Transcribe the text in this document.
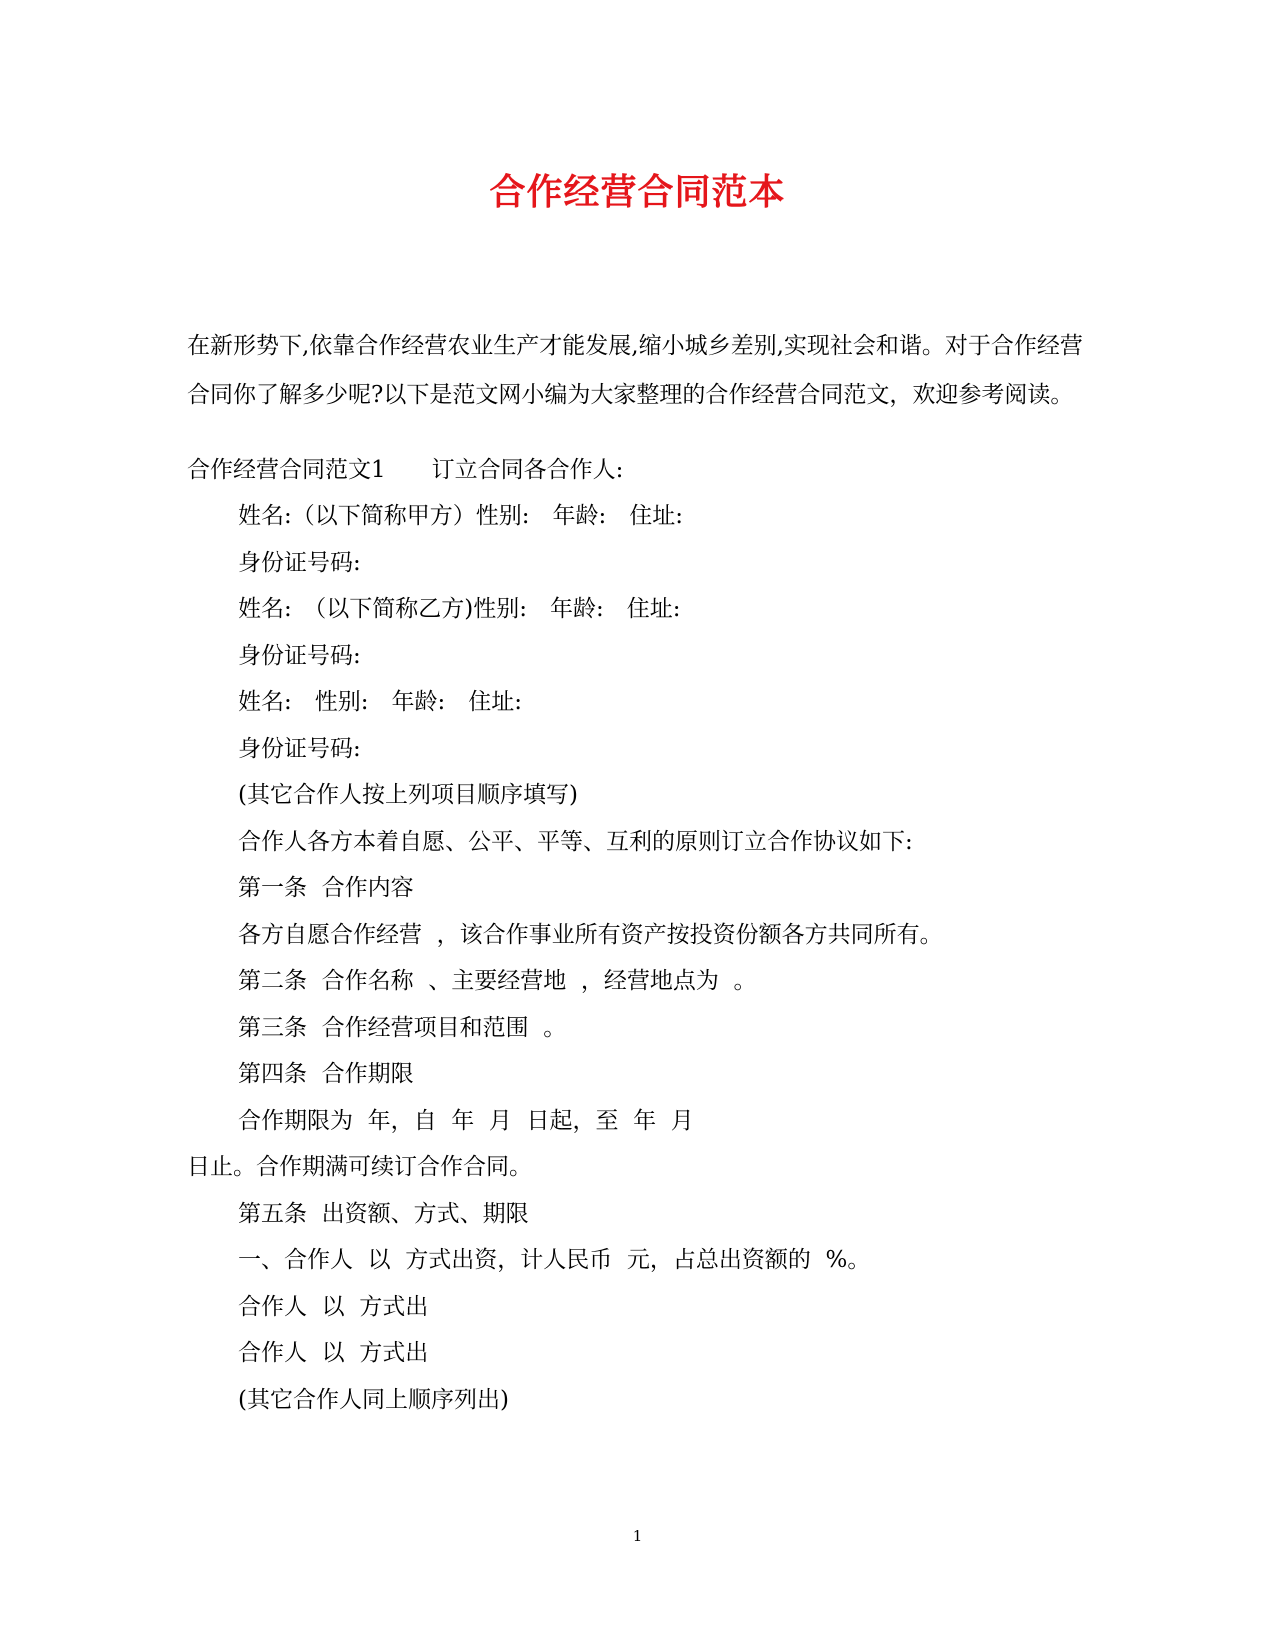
合作经营合同范本
在新形势下,依靠合作经营农业生产才能发展,缩小城乡差别,实现社会和谐。对于合作经营合同你了解多少呢?以下是范文网小编为大家整理的合作经营合同范文，欢迎参考阅读。
合作经营合同范文1　　订立合同各合作人:
姓名:（以下简称甲方）性别:　年龄:　住址:
身份证号码:
姓名:　（以下简称乙方)性别:　年龄:　住址:
身份证号码:
姓名:　性别:　年龄:　住址:
身份证号码:
(其它合作人按上列项目顺序填写)
合作人各方本着自愿、公平、平等、互利的原则订立合作协议如下:
第一条  合作内容
各方自愿合作经营  ，该合作事业所有资产按投资份额各方共同所有。
第二条  合作名称  、主要经营地  ，经营地点为  。
第三条  合作经营项目和范围  。
第四条  合作期限
合作期限为  年，自  年  月  日起，至  年  月
日止。合作期满可续订合作合同。
第五条  出资额、方式、期限
一、合作人  以  方式出资，计人民币  元，占总出资额的  %。
合作人  以  方式出
合作人  以  方式出
(其它合作人同上顺序列出)
1
